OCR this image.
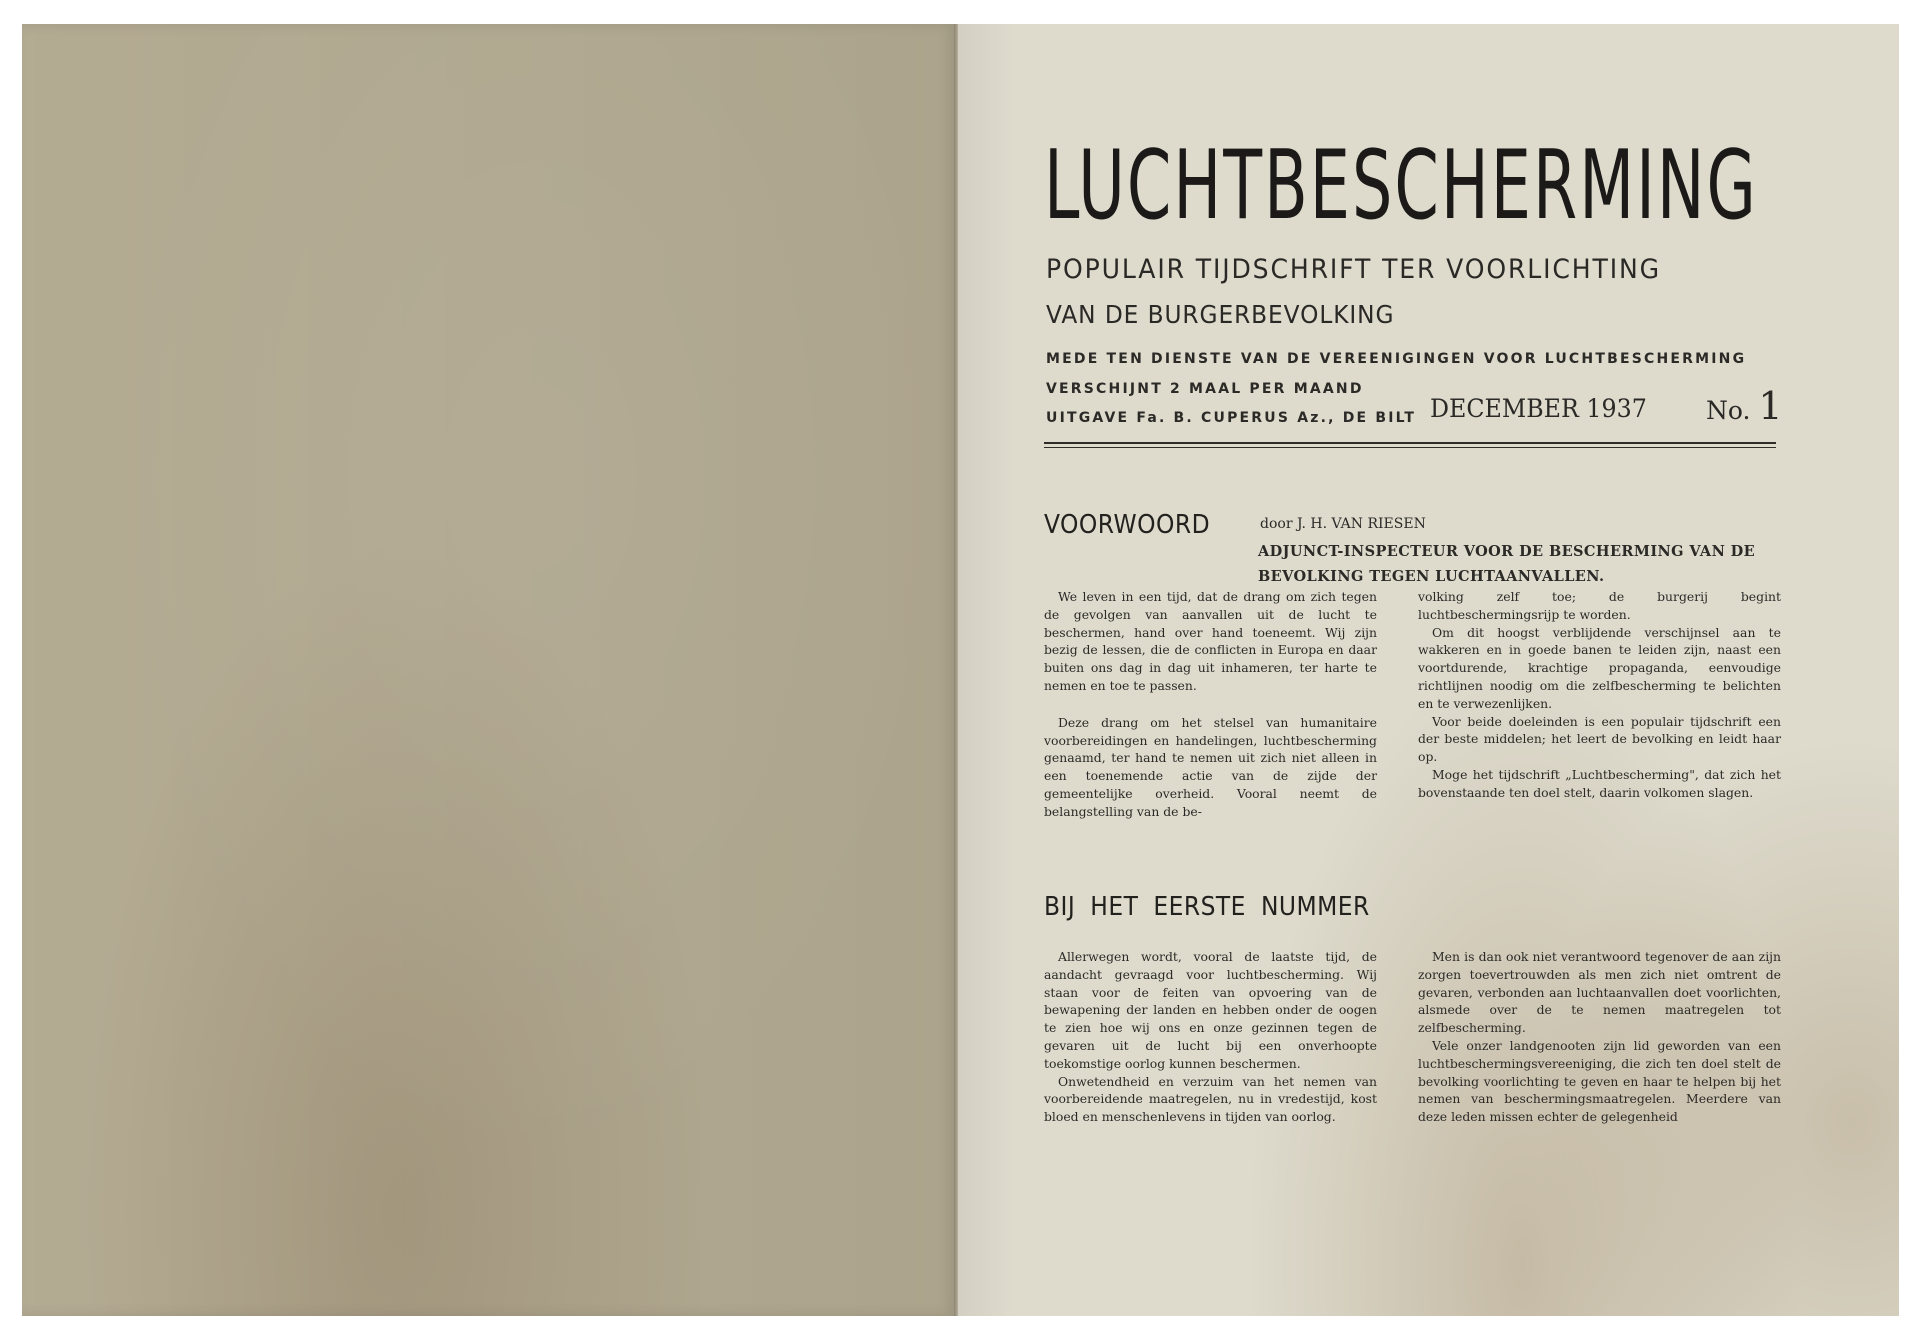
LUCHTBESCHERMING
POPULAIR TIJDSCHRIFT TER VOORLICHTING
VAN DE BURGERBEVOLKING
MEDE TEN DIENSTE VAN DE VEREENIGINGEN VOOR LUCHTBESCHERMING
VERSCHIJNT 2 MAAL PER MAAND
UITGAVE Fa. B. CUPERUS Az., DE BILT DECEMBER 1937 No. 1
VOORWOORD	door J. H. VAN RIESEN
ADJUNCT-INSPECTEUR VOOR DE BESCHERMING VAN DE BEVOLKING TEGEN LUCHTAANVALLEN.

We leven in een tijd, dat de drang om zich tegen de gevolgen van aanvallen uit de lucht te beschermen, hand over hand toeneemt. Wij zijn bezig de lessen, die de conflicten in Europa en daar buiten ons dag in dag uit inhameren, ter harte te nemen en toe te passen.

Deze drang om het stelsel van humanitaire voorbereidingen en handelingen, luchtbescherming genaamd, ter hand te nemen uit zich niet alleen in een toenemende actie van de zijde der gemeentelijke overheid. Vooral neemt de belangstelling van de be-

volking zelf toe; de burgerij begint luchtbeschermingsrijp te worden.

Om dit hoogst verblijdende verschijnsel aan te wakkeren en in goede banen te leiden zijn, naast een voortdurende, krachtige propaganda, eenvoudige richtlijnen noodig om die zelfbescherming te belichten en te verwezenlijken.

Voor beide doeleinden is een populair tijdschrift een der beste middelen; het leert de bevolking en leidt haar op.

Moge het tijdschrift „Luchtbescherming", dat zich het bovenstaande ten doel stelt, daarin volkomen slagen.

BIJ HET EERSTE NUMMER

Allerwegen wordt, vooral de laatste tijd, de aandacht gevraagd voor luchtbescherming. Wij staan voor de feiten van opvoering van de bewapening der landen en hebben onder de oogen te zien hoe wij ons en onze gezinnen tegen de gevaren uit de lucht bij een onverhoopte toekomstige oorlog kunnen beschermen.

Onwetendheid en verzuim van het nemen van voorbereidende maatregelen, nu in vredestijd, kost bloed en menschenlevens in tijden van oorlog.

Men is dan ook niet verantwoord tegenover de aan zijn zorgen toevertrouwden als men zich niet omtrent de gevaren, verbonden aan luchtaanvallen doet voorlichten, alsmede over de te nemen maatregelen tot zelfbescherming.

Vele onzer landgenooten zijn lid geworden van een luchtbeschermingsvereeniging, die zich ten doel stelt de bevolking voorlichting te geven en haar te helpen bij het nemen van beschermingsmaatregelen. Meerdere van deze leden missen echter de gelegenheid
